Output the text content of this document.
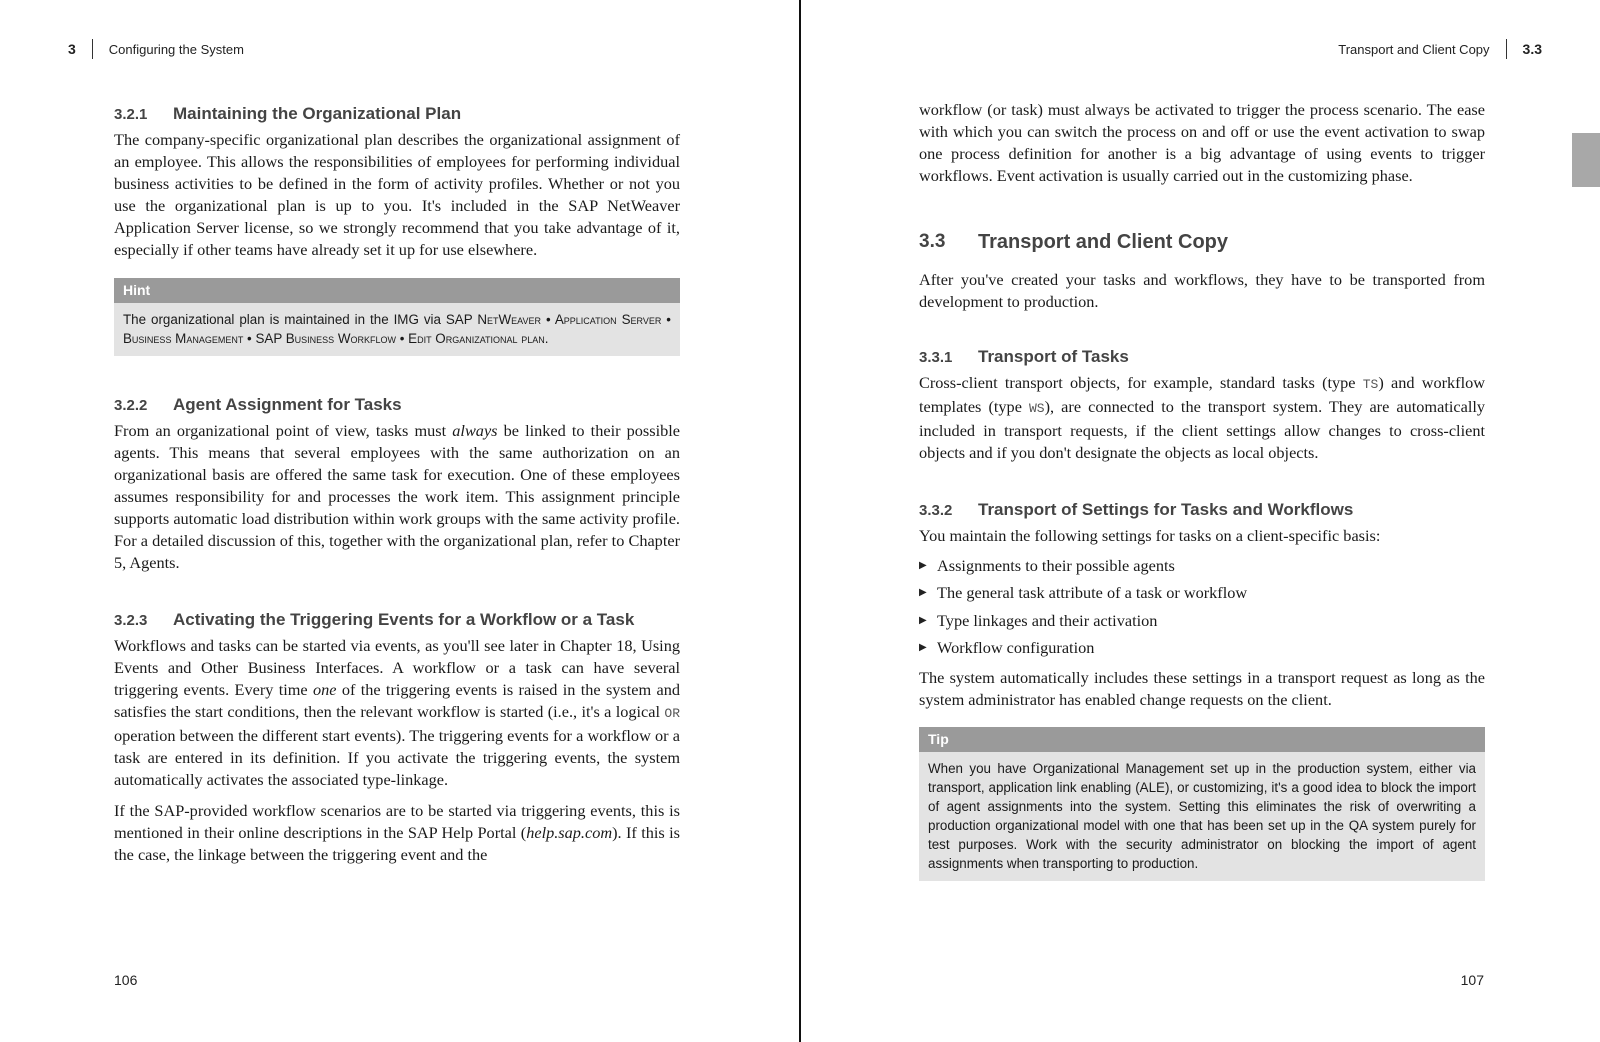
3	Configuring the System
3.2.1	Maintaining the Organizational Plan

The company-specific organizational plan describes the organizational assignment of an employee. This allows the responsibilities of employees for performing individual business activities to be defined in the form of activity profiles. Whether or not you use the organizational plan is up to you. It's included in the SAP NetWeaver Application Server license, so we strongly recommend that you take advantage of it, especially if other teams have already set it up for use elsewhere.

Hint
The organizational plan is maintained in the IMG via SAP NetWeaver • Application Server • Business Management • SAP Business Workflow • Edit Organizational plan.
3.2.2	Agent Assignment for Tasks

From an organizational point of view, tasks must always be linked to their possible agents. This means that several employees with the same authorization on an organizational basis are offered the same task for execution. One of these employees assumes responsibility for and processes the work item. This assignment principle supports automatic load distribution within work groups with the same activity profile. For a detailed discussion of this, together with the organizational plan, refer to Chapter 5, Agents.

3.2.3	Activating the Triggering Events for a Workflow or a Task

Workflows and tasks can be started via events, as you'll see later in Chapter 18, Using Events and Other Business Interfaces. A workflow or a task can have several triggering events. Every time one of the triggering events is raised in the system and satisfies the start conditions, then the relevant workflow is started (i.e., it's a logical OR operation between the different start events). The triggering events for a workflow or a task are entered in its definition. If you activate the triggering events, the system automatically activates the associated type-linkage.

If the SAP-provided workflow scenarios are to be started via triggering events, this is mentioned in their online descriptions in the SAP Help Portal (help.sap.com). If this is the case, the linkage between the triggering event and the

106
Transport and Client Copy 3.3

workflow (or task) must always be activated to trigger the process scenario. The ease with which you can switch the process on and off or use the event activation to swap one process definition for another is a big advantage of using events to trigger workflows. Event activation is usually carried out in the customizing phase.

3.3	Transport and Client Copy

After you've created your tasks and workflows, they have to be transported from development to production.

3.3.1	Transport of Tasks

Cross-client transport objects, for example, standard tasks (type TS) and workflow templates (type WS), are connected to the transport system. They are automatically included in transport requests, if the client settings allow changes to cross-client objects and if you don't designate the objects as local objects.

3.3.2	Transport of Settings for Tasks and Workflows

You maintain the following settings for tasks on a client-specific basis:

▶ Assignments to their possible agents
▶ The general task attribute of a task or workflow
▶ Type linkages and their activation
▶ Workflow configuration

The system automatically includes these settings in a transport request as long as the system administrator has enabled change requests on the client.

Tip
When you have Organizational Management set up in the production system, either via transport, application link enabling (ALE), or customizing, it's a good idea to block the import of agent assignments into the system. Setting this eliminates the risk of overwriting a production organizational model with one that has been set up in the QA system purely for test purposes. Work with the security administrator on blocking the import of agent assignments when transporting to production.
107
